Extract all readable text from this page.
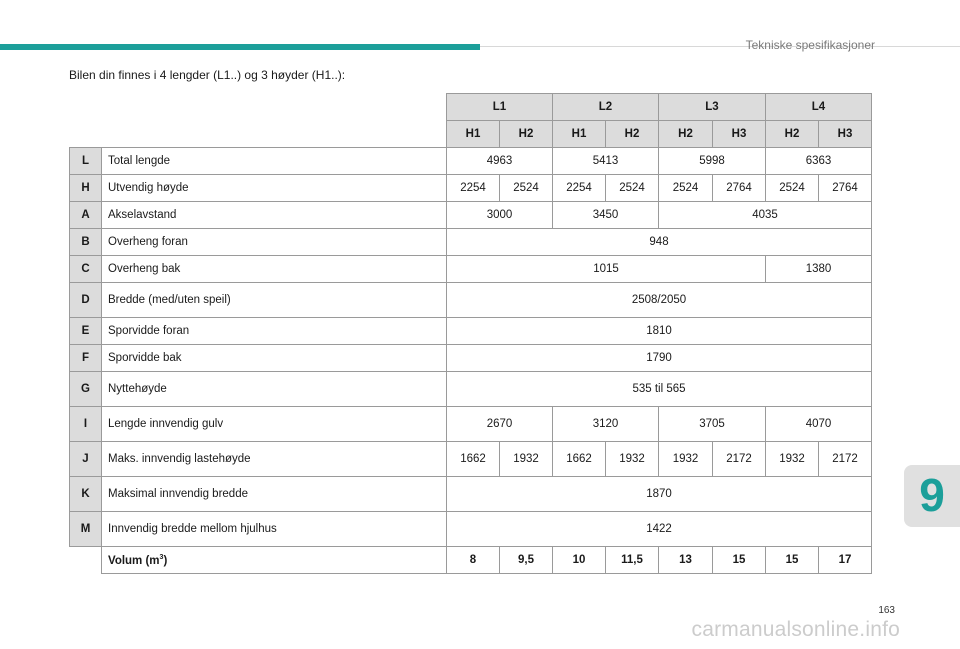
Tekniske spesifikasjoner
Bilen din finnes i 4 lengder (L1..) og 3 høyder (H1..):
		L1		L2		L3		L4	
		H1	H2	H1	H2	H2	H3	H2	H3
L	Total lengde	4963		5413		5998		6363	
H	Utvendig høyde	2254	2524	2254	2524	2524	2764	2524	2764
A	Akselavstand	3000		3450		4035			
B	Overheng foran	948							
C	Overheng bak	1015						1380	
D	Bredde (med/uten speil)	2508/2050							
E	Sporvidde foran	1810							
F	Sporvidde bak	1790							
G	Nyttehøyde	535 til 565							
I	Lengde innvendig gulv	2670		3120		3705		4070	
J	Maks. innvendig lastehøyde	1662	1932	1662	1932	1932	2172	1932	2172
K	Maksimal innvendig bredde	1870							
M	Innvendig bredde mellom hjulhus	1422							
	Volum $(m^3)$	8	9,5	10	11,5	13	15	15	17
9
163
carmanualsonline.info
